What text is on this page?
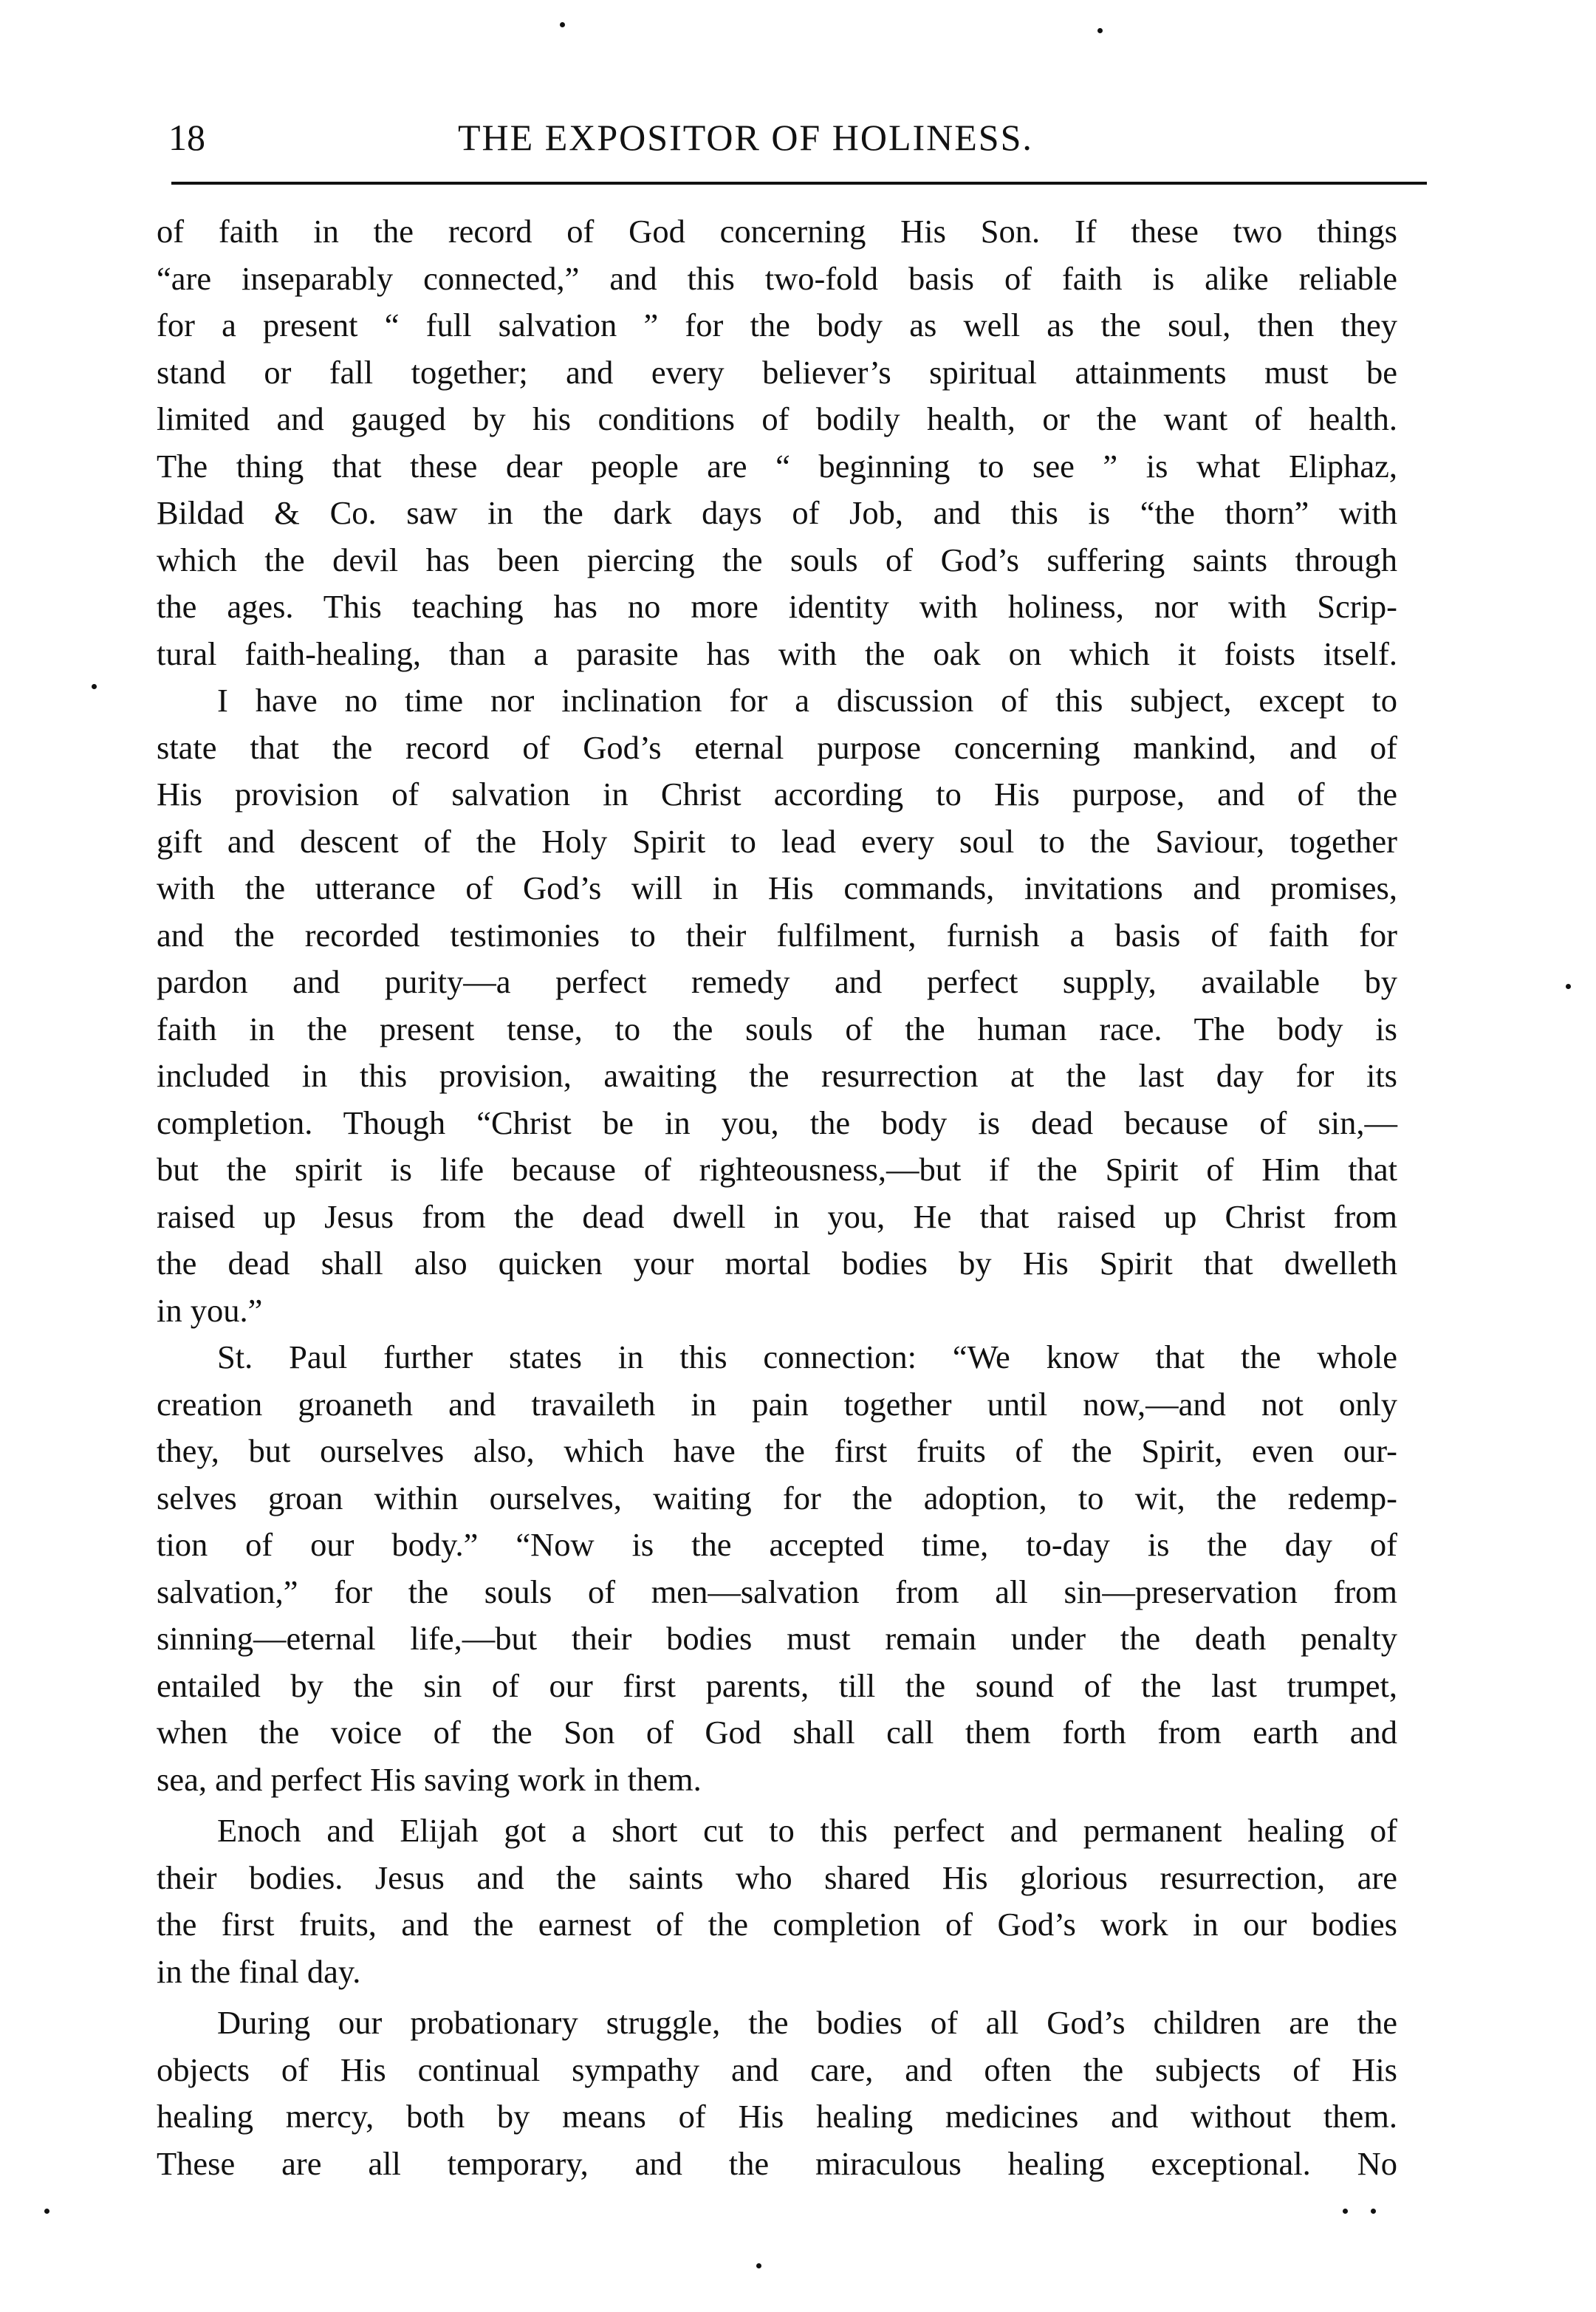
18	THE EXPOSITOR OF HOLINESS.
of faith in the record of God concerning His Son. If these two things
“are inseparably connected,” and this two-fold basis of faith is alike reliable
for a present “ full salvation ” for the body as well as the soul, then they
stand or fall together; and every believer’s spiritual attainments must be
limited and gauged by his conditions of bodily health, or the want of health.
The thing that these dear people are “ beginning to see ” is what Eliphaz,
Bildad & Co. saw in the dark days of Job, and this is “the thorn” with
which the devil has been piercing the souls of God’s suffering saints through
the ages. This teaching has no more identity with holiness, nor with Scrip-
tural faith-healing, than a parasite has with the oak on which it foists itself.
I have no time nor inclination for a discussion of this subject, except to
state that the record of God’s eternal purpose concerning mankind, and of
His provision of salvation in Christ according to His purpose, and of the
gift and descent of the Holy Spirit to lead every soul to the Saviour, together
with the utterance of God’s will in His commands, invitations and promises,
and the recorded testimonies to their fulfilment, furnish a basis of faith for
pardon and purity—a perfect remedy and perfect supply, available by
faith in the present tense, to the souls of the human race. The body is
included in this provision, awaiting the resurrection at the last day for its
completion. Though “Christ be in you, the body is dead because of sin,—
but the spirit is life because of righteousness,—but if the Spirit of Him that
raised up Jesus from the dead dwell in you, He that raised up Christ from
the dead shall also quicken your mortal bodies by His Spirit that dwelleth
in you.”
St. Paul further states in this connection: “We know that the whole
creation groaneth and travaileth in pain together until now,—and not only
they, but ourselves also, which have the first fruits of the Spirit, even our-
selves groan within ourselves, waiting for the adoption, to wit, the redemp-
tion of our body.” “Now is the accepted time, to-day is the day of
salvation,” for the souls of men—salvation from all sin—preservation from
sinning—eternal life,—but their bodies must remain under the death penalty
entailed by the sin of our first parents, till the sound of the last trumpet,
when the voice of the Son of God shall call them forth from earth and
sea, and perfect His saving work in them.
Enoch and Elijah got a short cut to this perfect and permanent healing of
their bodies. Jesus and the saints who shared His glorious resurrection, are
the first fruits, and the earnest of the completion of God’s work in our bodies
in the final day.
During our probationary struggle, the bodies of all God’s children are the
objects of His continual sympathy and care, and often the subjects of His
healing mercy, both by means of His healing medicines and without them.
These are all temporary, and the miraculous healing exceptional. No
